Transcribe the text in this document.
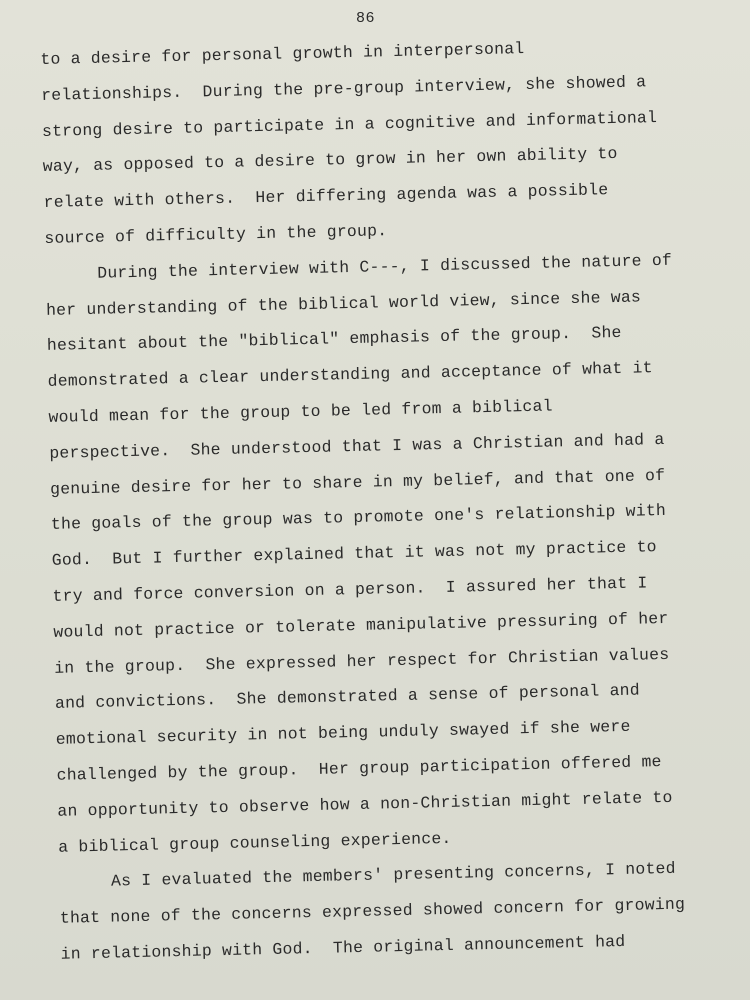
86
to a desire for personal growth in interpersonal
relationships.  During the pre-group interview, she showed a
strong desire to participate in a cognitive and informational
way, as opposed to a desire to grow in her own ability to
relate with others.  Her differing agenda was a possible
source of difficulty in the group.
During the interview with C---, I discussed the nature of
her understanding of the biblical world view, since she was
hesitant about the "biblical" emphasis of the group.  She
demonstrated a clear understanding and acceptance of what it
would mean for the group to be led from a biblical
perspective.  She understood that I was a Christian and had a
genuine desire for her to share in my belief, and that one of
the goals of the group was to promote one's relationship with
God.  But I further explained that it was not my practice to
try and force conversion on a person.  I assured her that I
would not practice or tolerate manipulative pressuring of her
in the group.  She expressed her respect for Christian values
and convictions.  She demonstrated a sense of personal and
emotional security in not being unduly swayed if she were
challenged by the group.  Her group participation offered me
an opportunity to observe how a non-Christian might relate to
a biblical group counseling experience.
As I evaluated the members' presenting concerns, I noted
that none of the concerns expressed showed concern for growing
in relationship with God.  The original announcement had
